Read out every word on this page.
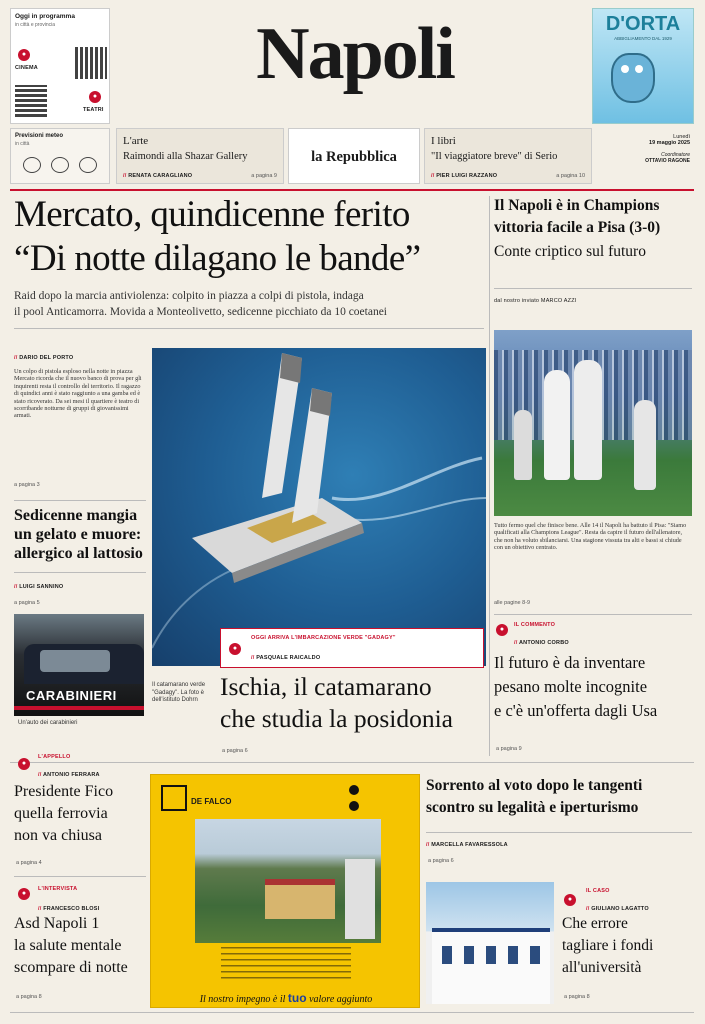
Oggi in programma
in città e provincia
●
CINEMA
●
TEATRI
Napoli	D'ORTA
ABBIGLIAMENTO DAL 1929
Previsioni meteo
in città	L'arte
Raimondi alla Shazar Gallery
// RENATA CARAGLIANO	a pagina 9
la Repubblica
I libri
"Il viaggiatore breve" di Serio
// PIER LUIGI RAZZANO	a pagina 10
Lunedì
19 maggio 2025
Coordinatore
OTTAVIO RAGONE
Mercato, quindicenne ferito
“Di notte dilagano le bande”
Raid dopo la marcia antiviolenza: colpito in piazza a colpi di pistola, indaga
il pool Anticamorra. Movida a Monteolivetto, sedicenne picchiato da 10 coetanei
// DARIO DEL PORTO
Un colpo di pistola esploso nella notte in piazza Mercato ricorda che il nuovo banco di prova per gli inquirenti resta il controllo del territorio. Il ragazzo di quindici anni è stato raggiunto a una gamba ed è stato ricoverato. Da sei mesi il quartiere è teatro di scorribande notturne di gruppi di giovanissimi armati.
a pagina 3
Sedicenne mangia
un gelato e muore:
allergico al lattosio
// LUIGI SANNINO
a pagina 5
CARABINIERI
Un'auto dei carabinieri
●
OGGI ARRIVA L'IMBARCAZIONE VERDE "GADAGY"
// PASQUALE RAICALDO
Il catamarano verde "Gadagy". La foto è dell'istituto Dohrn Ischia, il catamarano
che studia la posidonia
a pagina 6
Il Napoli è in Champions
vittoria facile a Pisa (3-0)
Conte criptico sul futuro
dal nostro inviato MARCO AZZI
Tutto fermo quel che finisce bene. Alle 14 il Napoli ha battuto il Pisa: "Siamo qualificati alla Champions League". Resta da capire il futuro dell'allenatore, che non ha voluto sbilanciarsi. Una stagione vissuta tra alti e bassi si chiude con un obiettivo centrato.
alle pagine 8-9
●
IL COMMENTO
// ANTONIO CORBO
Il futuro è da inventare
pesano molte incognite
e c'è un'offerta dagli Usa
a pagina 9
●
L'APPELLO
// ANTONIO FERRARA
Presidente Fico
quella ferrovia
non va chiusa
a pagina 4
●
L'INTERVISTA
// FRANCESCO BLOSI
Asd Napoli 1
la salute mentale
scompare di notte
a pagina 8
DE FALCO
Il nostro impegno è il tuo valore aggiunto
Sorrento al voto dopo le tangenti
scontro su legalità e iperturismo
// MARCELLA FAVARESSOLA
a pagina 6
●
IL CASO
// GIULIANO LAGATTO
Che errore
tagliare i fondi
all'università
a pagina 8
